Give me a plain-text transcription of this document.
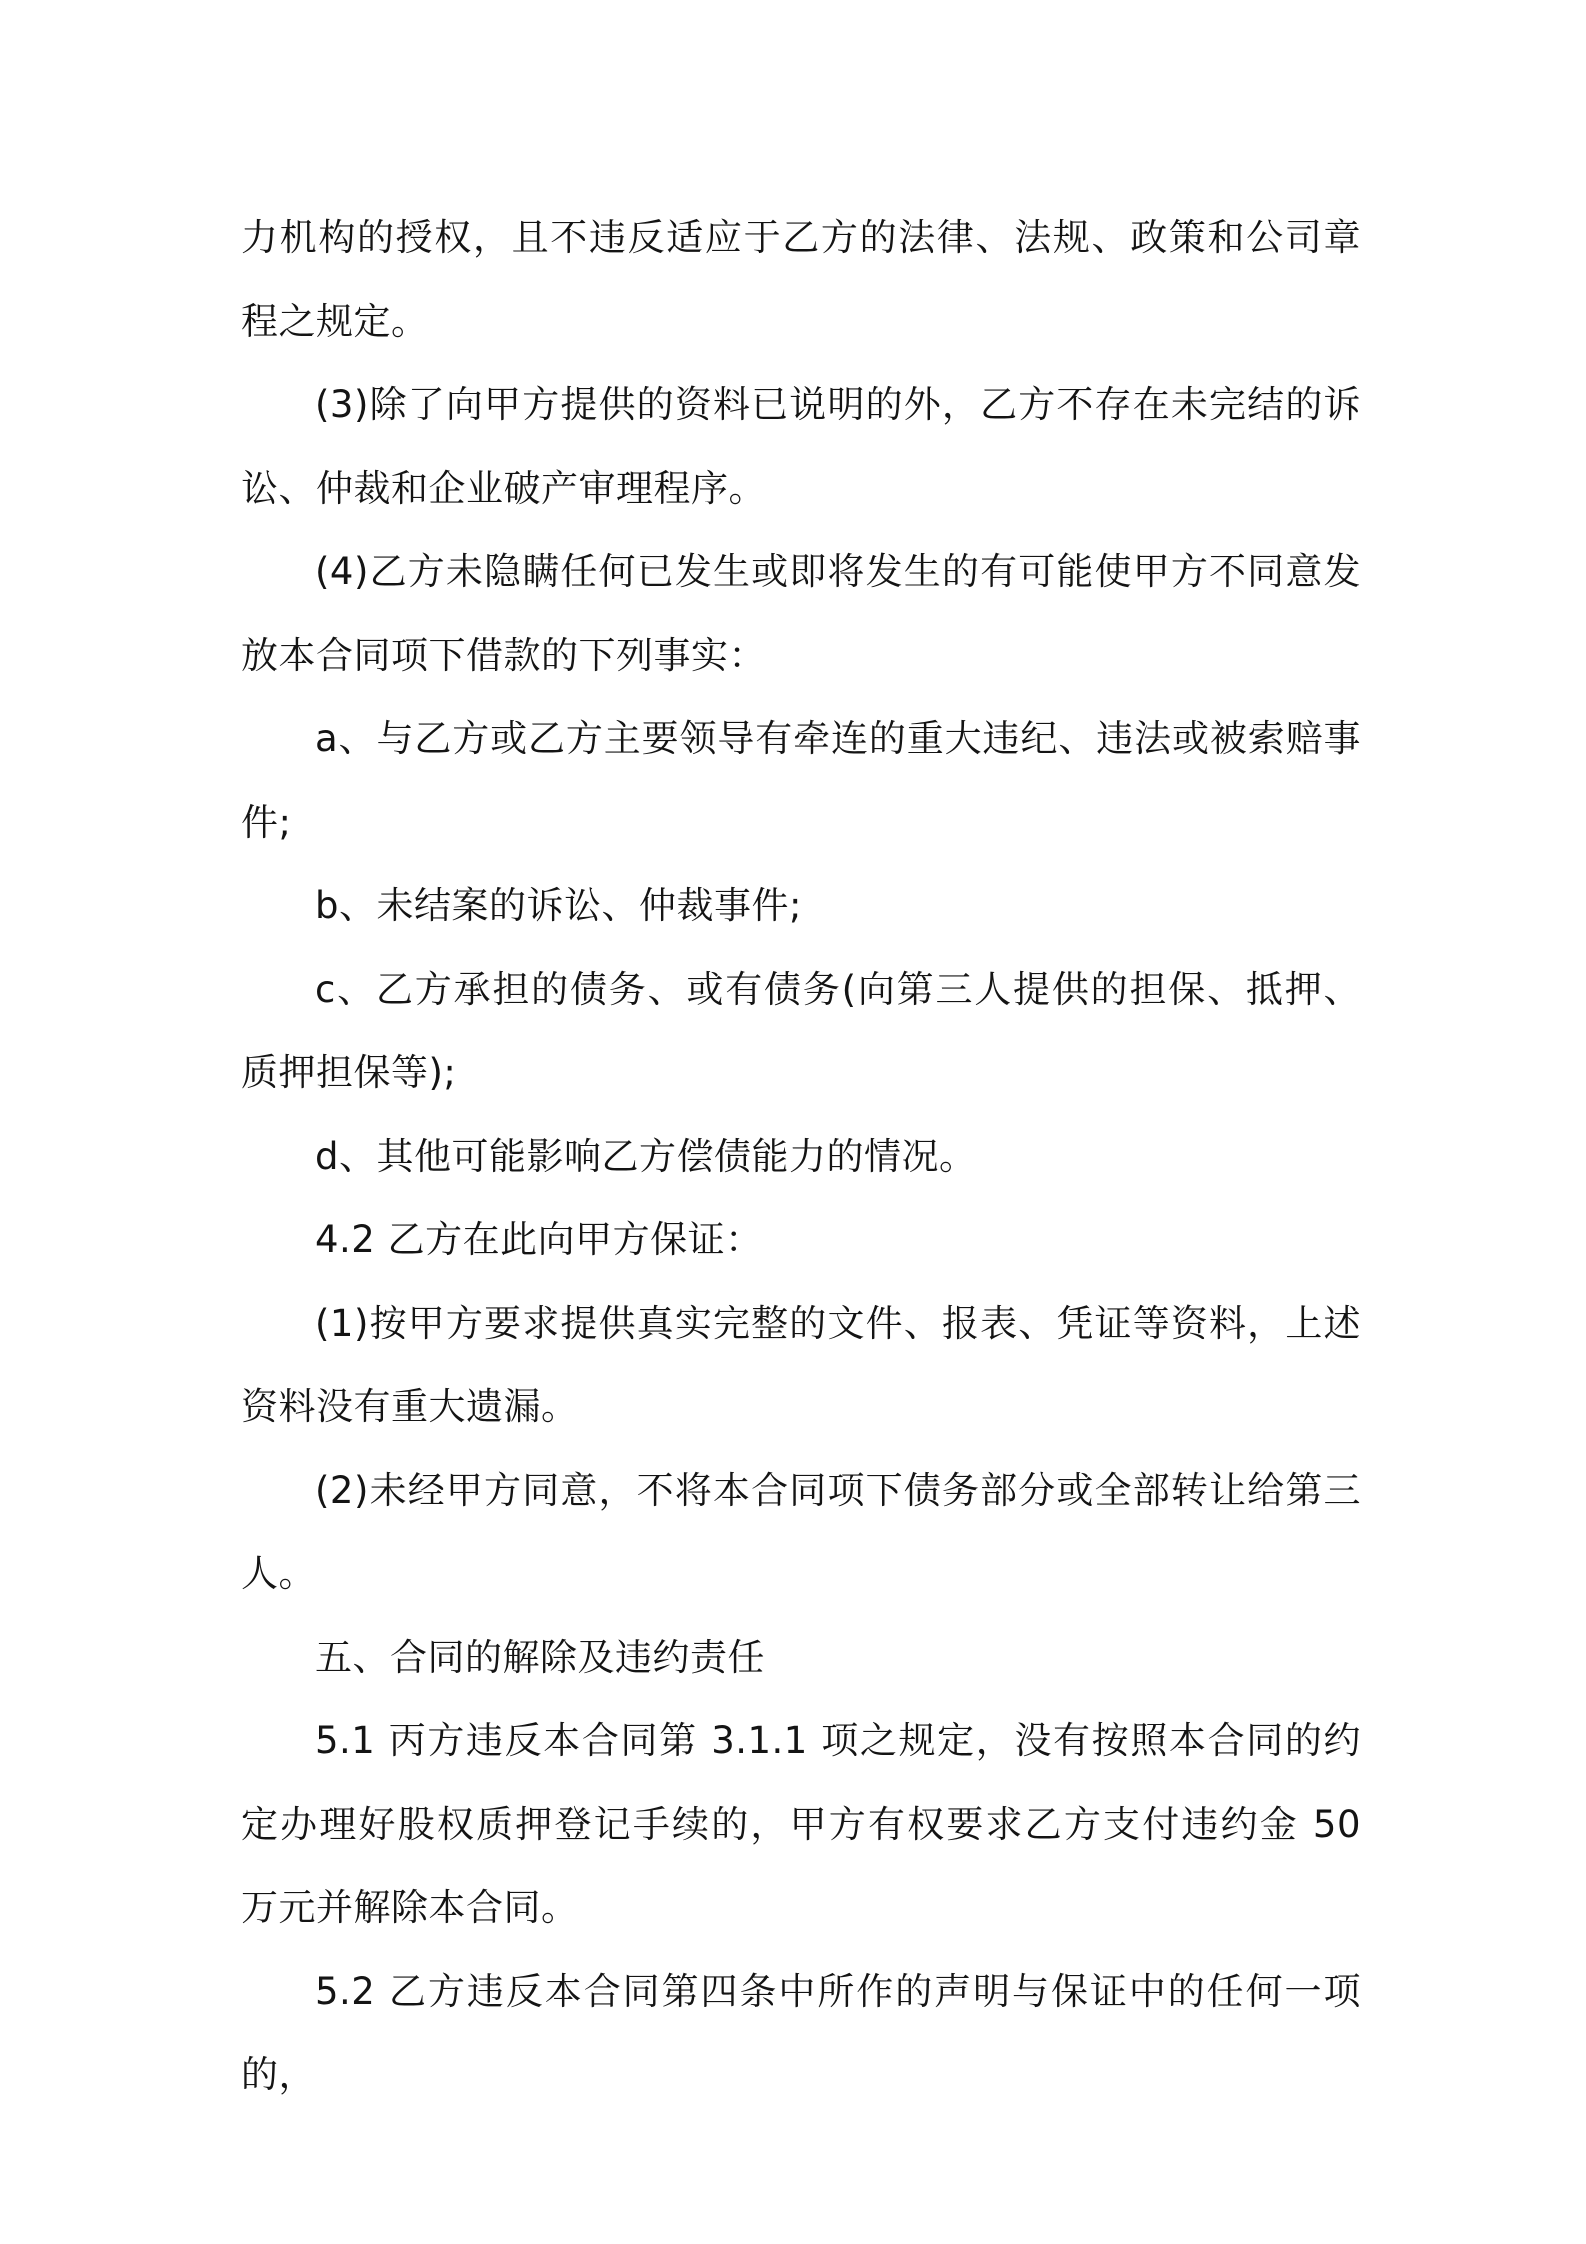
力机构的授权，且不违反适应于乙方的法律、法规、政策和公司章程之规定。

(3)除了向甲方提供的资料已说明的外，乙方不存在未完结的诉讼、仲裁和企业破产审理程序。

(4)乙方未隐瞒任何已发生或即将发生的有可能使甲方不同意发放本合同项下借款的下列事实：

a、与乙方或乙方主要领导有牵连的重大违纪、违法或被索赔事件;

b、未结案的诉讼、仲裁事件;

c、乙方承担的债务、或有债务(向第三人提供的担保、抵押、质押担保等);

d、其他可能影响乙方偿债能力的情况。

4.2 乙方在此向甲方保证：

(1)按甲方要求提供真实完整的文件、报表、凭证等资料，上述资料没有重大遗漏。

(2)未经甲方同意，不将本合同项下债务部分或全部转让给第三人。

五、合同的解除及违约责任

5.1 丙方违反本合同第 3.1.1 项之规定，没有按照本合同的约定办理好股权质押登记手续的，甲方有权要求乙方支付违约金 50 万元并解除本合同。

5.2 乙方违反本合同第四条中所作的声明与保证中的任何一项的，
